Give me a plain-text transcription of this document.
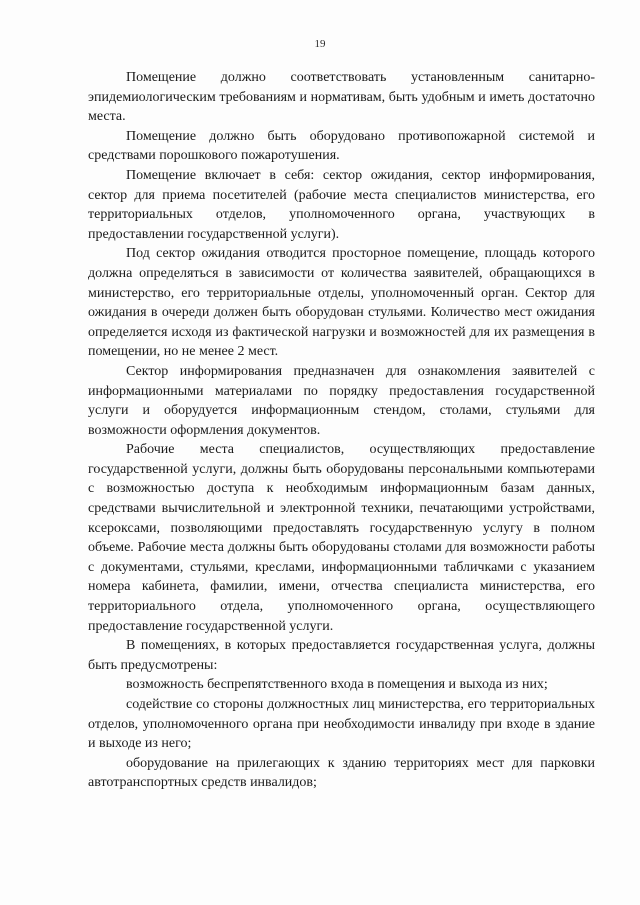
19

Помещение должно соответствовать установленным санитарно-эпидемиологическим требованиям и нормативам, быть удобным и иметь достаточно места.

Помещение должно быть оборудовано противопожарной системой и средствами порошкового пожаротушения.

Помещение включает в себя: сектор ожидания, сектор информирования, сектор для приема посетителей (рабочие места специалистов министерства, его территориальных отделов, уполномоченного органа, участвующих в предоставлении государственной услуги).

Под сектор ожидания отводится просторное помещение, площадь которого должна определяться в зависимости от количества заявителей, обращающихся в министерство, его территориальные отделы, уполномоченный орган. Сектор для ожидания в очереди должен быть оборудован стульями. Количество мест ожидания определяется исходя из фактической нагрузки и возможностей для их размещения в помещении, но не менее 2 мест.

Сектор информирования предназначен для ознакомления заявителей с информационными материалами по порядку предоставления государственной услуги и оборудуется информационным стендом, столами, стульями для возможности оформления документов.

Рабочие места специалистов, осуществляющих предоставление государственной услуги, должны быть оборудованы персональными компьютерами с возможностью доступа к необходимым информационным базам данных, средствами вычислительной и электронной техники, печатающими устройствами, ксероксами, позволяющими предоставлять государственную услугу в полном объеме. Рабочие места должны быть оборудованы столами для возможности работы с документами, стульями, креслами, информационными табличками с указанием номера кабинета, фамилии, имени, отчества специалиста министерства, его территориального отдела, уполномоченного органа, осуществляющего предоставление государственной услуги.

В помещениях, в которых предоставляется государственная услуга, должны быть предусмотрены:

возможность беспрепятственного входа в помещения и выхода из них;

содействие со стороны должностных лиц министерства, его территориальных отделов, уполномоченного органа при необходимости инвалиду при входе в здание и выходе из него;

оборудование на прилегающих к зданию территориях мест для парковки автотранспортных средств инвалидов;
